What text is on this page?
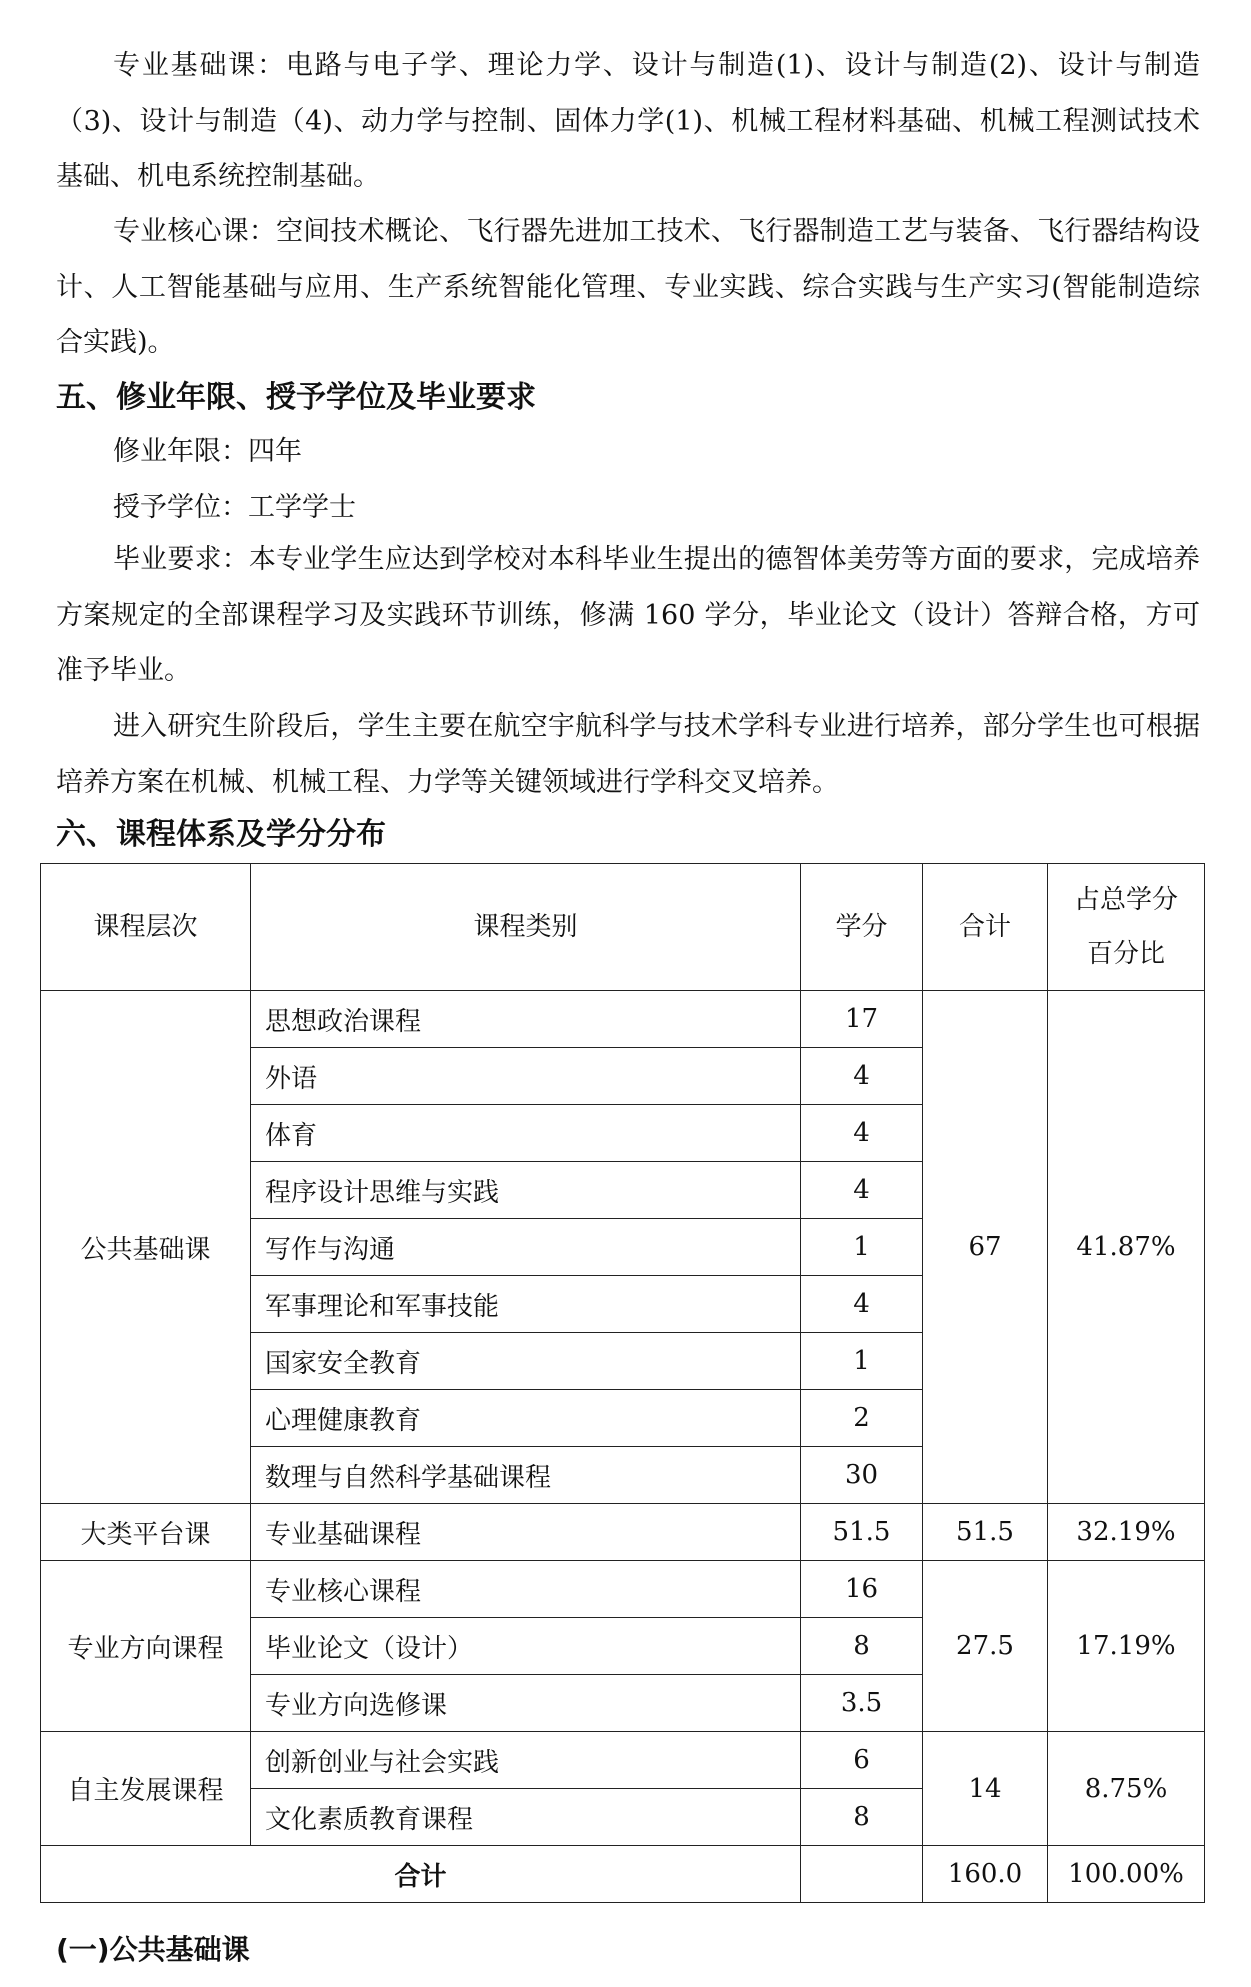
专业基础课：电路与电子学、理论力学、设计与制造(1)、设计与制造(2)、设计与制造（3)、设计与制造（4)、动力学与控制、固体力学(1)、机械工程材料基础、机械工程测试技术基础、机电系统控制基础。

专业核心课：空间技术概论、飞行器先进加工技术、飞行器制造工艺与装备、飞行器结构设计、人工智能基础与应用、生产系统智能化管理、专业实践、综合实践与生产实习(智能制造综合实践)。

五、修业年限、授予学位及毕业要求

修业年限：四年

授予学位：工学学士

毕业要求：本专业学生应达到学校对本科毕业生提出的德智体美劳等方面的要求，完成培养方案规定的全部课程学习及实践环节训练，修满 160 学分，毕业论文（设计）答辩合格，方可准予毕业。

进入研究生阶段后，学生主要在航空宇航科学与技术学科专业进行培养，部分学生也可根据培养方案在机械、机械工程、力学等关键领域进行学科交叉培养。

六、课程体系及学分分布
课程层次	课程类别	学分	合计	占总学分
百分比
公共基础课	思想政治课程	17	67	41.87%
	外语	4		
	体育	4		
	程序设计思维与实践	4		
	写作与沟通	1		
	军事理论和军事技能	4		
	国家安全教育	1		
	心理健康教育	2		
	数理与自然科学基础课程	30		
大类平台课	专业基础课程	51.5	51.5	32.19%
专业方向课程	专业核心课程	16	27.5	17.19%
	毕业论文（设计）	8		
	专业方向选修课	3.5		
自主发展课程	创新创业与社会实践	6	14	8.75%
	文化素质教育课程	8		
合计			160.0	100.00%
(一)公共基础课
